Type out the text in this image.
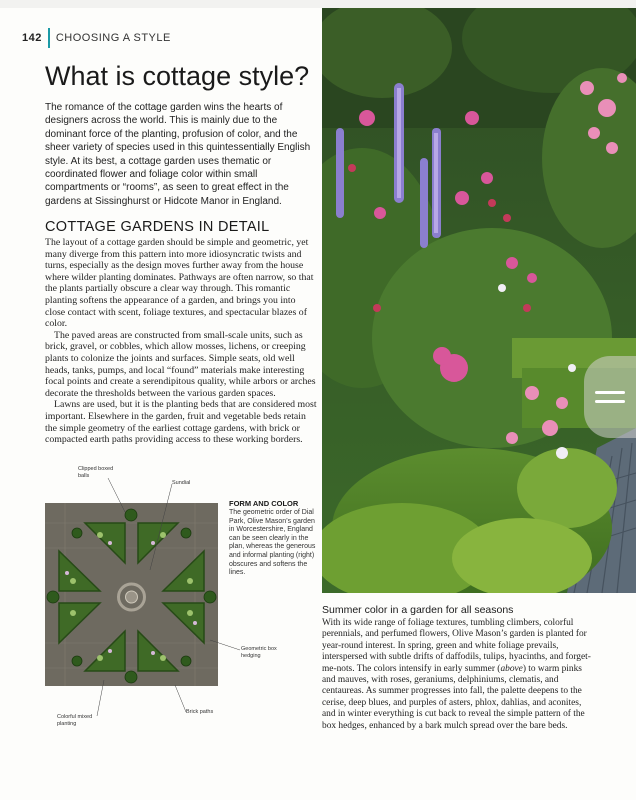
142 CHOOSING A STYLE
What is cottage style?
The romance of the cottage garden wins the hearts of designers across the world. This is mainly due to the dominant force of the planting, profusion of color, and the sheer variety of species used in this quintessentially English style. At its best, a cottage garden uses thematic or coordinated flower and foliage color within small compartments or “rooms”, as seen to great effect in the gardens at Sissinghurst or Hidcote Manor in England.
COTTAGE GARDENS IN DETAIL

The layout of a cottage garden should be simple and geometric, yet many diverge from this pattern into more idiosyncratic twists and turns, especially as the design moves further away from the house where wilder planting dominates. Pathways are often narrow, so that the plants partially obscure a clear way through. This romantic planting softens the appearance of a garden, and brings you into close contact with scent, foliage textures, and spectacular blazes of color.

The paved areas are constructed from small-scale units, such as brick, gravel, or cobbles, which allow mosses, lichens, or creeping plants to colonize the joints and surfaces. Simple seats, old well heads, tanks, pumps, and local “found” materials make interesting focal points and create a serendipitous quality, while arbors or arches decorate the thresholds between the various garden spaces.

Lawns are used, but it is the planting beds that are considered most important. Elsewhere in the garden, fruit and vegetable beds retain the simple geometry of the earliest cottage gardens, with brick or compacted earth paths providing access to these working borders.

Clipped boxed balls
Sundial
Geometric box hedging
Brick paths
Colorful mixed planting
FORM AND COLOR
The geometric order of Dial Park, Olive Mason’s garden in Worcestershire, England can be seen clearly in the plan, whereas the generous and informal planting (right) obscures and softens the lines.
Summer color in a garden for all seasons
With its wide range of foliage textures, tumbling climbers, colorful perennials, and perfumed flowers, Olive Mason’s garden is planted for year-round interest. In spring, green and white foliage prevails, interspersed with subtle drifts of daffodils, tulips, hyacinths, and forget-me-nots. The colors intensify in early summer (above) to warm pinks and mauves, with roses, geraniums, delphiniums, clematis, and centaureas. As summer progresses into fall, the palette deepens to the cerise, deep blues, and purples of asters, phlox, dahlias, and aconites, and in winter everything is cut back to reveal the simple pattern of the box hedges, enhanced by a bark mulch spread over the bare beds.
